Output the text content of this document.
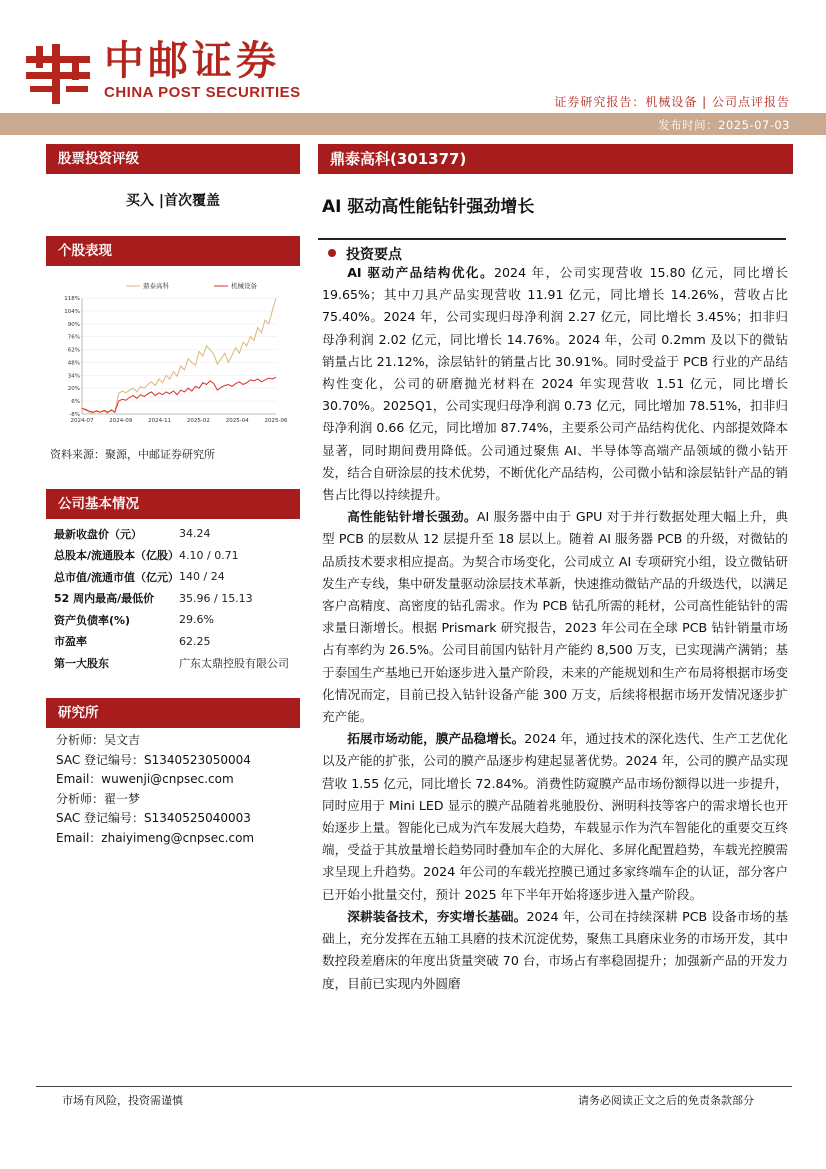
中邮证券
CHINA POST SECURITIES
证券研究报告：机械设备 | 公司点评报告
发布时间：2025-07-03
股票投资评级
买入 |首次覆盖
个股表现
118%
104%
90%
76%
62%
48%
34%
20%
6%
-8%
2024-07	2024-09	2024-11	2025-02	2025-04	2025-06
鼎泰高科	机械设备
资料来源：聚源，中邮证券研究所
公司基本情况
最新收盘价（元）	34.24
总股本/流通股本（亿股）	4.10 / 0.71
总市值/流通市值（亿元）	140 / 24
52 周内最高/最低价	35.96 / 15.13
资产负债率(%)	29.6%
市盈率	62.25
第一大股东	广东太鼎控股有限公司
研究所
分析师：吴文吉
SAC 登记编号：S1340523050004
Email：wuwenji@cnpsec.com
分析师：翟一梦
SAC 登记编号：S1340525040003
Email：zhaiyimeng@cnpsec.com
鼎泰高科(301377)
AI 驱动高性能钻针强劲增长
投资要点

AI 驱动产品结构优化。2024 年，公司实现营收 15.80 亿元，同比增长 19.65%；其中刀具产品实现营收 11.91 亿元，同比增长 14.26%，营收占比 75.40%。2024 年，公司实现归母净利润 2.27 亿元，同比增长 3.45%；扣非归母净利润 2.02 亿元，同比增长 14.76%。2024 年，公司 0.2mm 及以下的微钻销量占比 21.12%，涂层钻针的销量占比 30.91%。同时受益于 PCB 行业的产品结构性变化，公司的研磨抛光材料在 2024 年实现营收 1.51 亿元，同比增长 30.70%。2025Q1，公司实现归母净利润 0.73 亿元，同比增加 78.51%，扣非归母净利润 0.66 亿元，同比增加 87.74%，主要系公司产品结构优化、内部提效降本显著，同时期间费用降低。公司通过聚焦 AI、半导体等高端产品领域的微小钻开发，结合自研涂层的技术优势，不断优化产品结构，公司微小钻和涂层钻针产品的销售占比得以持续提升。

高性能钻针增长强劲。AI 服务器中由于 GPU 对于并行数据处理大幅上升，典型 PCB 的层数从 12 层提升至 18 层以上。随着 AI 服务器 PCB 的升级，对微钻的品质技术要求相应提高。为契合市场变化，公司成立 AI 专项研究小组，设立微钻研发生产专线，集中研发量驱动涂层技术革新，快速推动微钻产品的升级迭代，以满足客户高精度、高密度的钻孔需求。作为 PCB 钻孔所需的耗材，公司高性能钻针的需求量日渐增长。根据 Prismark 研究报告，2023 年公司在全球 PCB 钻针销量市场占有率约为 26.5%。公司目前国内钻针月产能约 8,500 万支，已实现满产满销；基于泰国生产基地已开始逐步进入量产阶段，未来的产能规划和生产布局将根据市场变化情况而定，目前已投入钻针设备产能 300 万支，后续将根据市场开发情况逐步扩充产能。

拓展市场动能，膜产品稳增长。2024 年，通过技术的深化迭代、生产工艺优化以及产能的扩张，公司的膜产品逐步构建起显著优势。2024 年，公司的膜产品实现营收 1.55 亿元，同比增长 72.84%。消费性防窥膜产品市场份额得以进一步提升，同时应用于 Mini LED 显示的膜产品随着兆驰股份、洲明科技等客户的需求增长也开始逐步上量。智能化已成为汽车发展大趋势，车载显示作为汽车智能化的重要交互终端，受益于其放量增长趋势同时叠加车企的大屏化、多屏化配置趋势，车载光控膜需求呈现上升趋势。2024 年公司的车载光控膜已通过多家终端车企的认证，部分客户已开始小批量交付，预计 2025 年下半年开始将逐步进入量产阶段。

深耕装备技术，夯实增长基础。2024 年，公司在持续深耕 PCB 设备市场的基础上，充分发挥在五轴工具磨的技术沉淀优势，聚焦工具磨床业务的市场开发，其中数控段差磨床的年度出货量突破 70 台，市场占有率稳固提升；加强新产品的开发力度，目前已实现内外圆磨

市场有风险，投资需谨慎	请务必阅读正文之后的免责条款部分
